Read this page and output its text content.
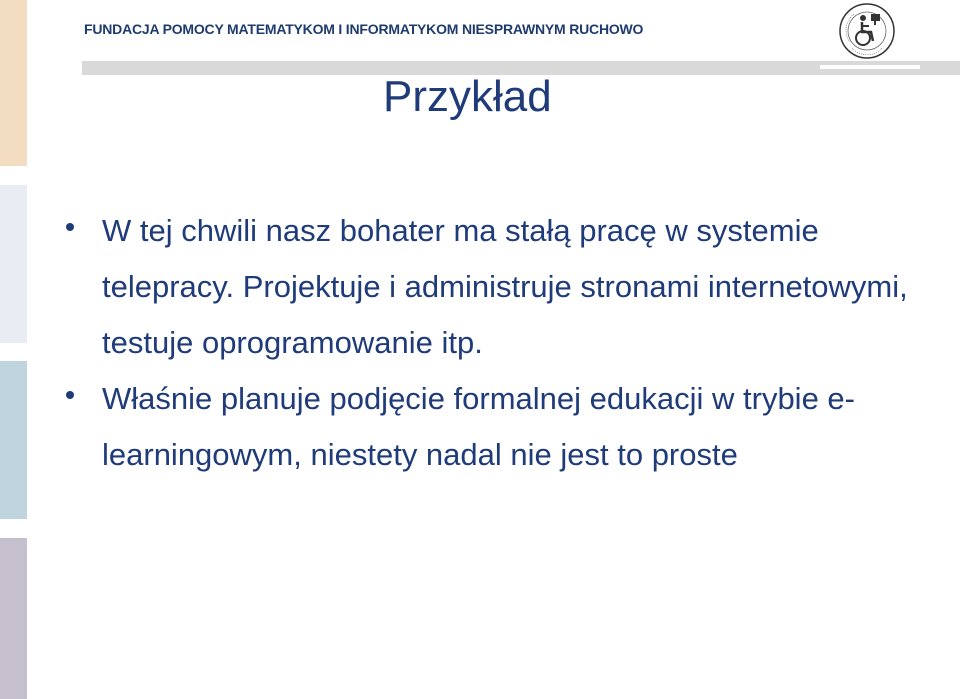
FUNDACJA POMOCY MATEMATYKOM I INFORMATYKOM NIESPRAWNYM RUCHOWO
Przykład
W tej chwili nasz bohater ma stałą pracę w systemie telepracy. Projektuje i administruje stronami internetowymi, testuje oprogramowanie itp.
Właśnie planuje podjęcie formalnej edukacji w trybie e-learningowym, niestety nadal nie jest to proste
